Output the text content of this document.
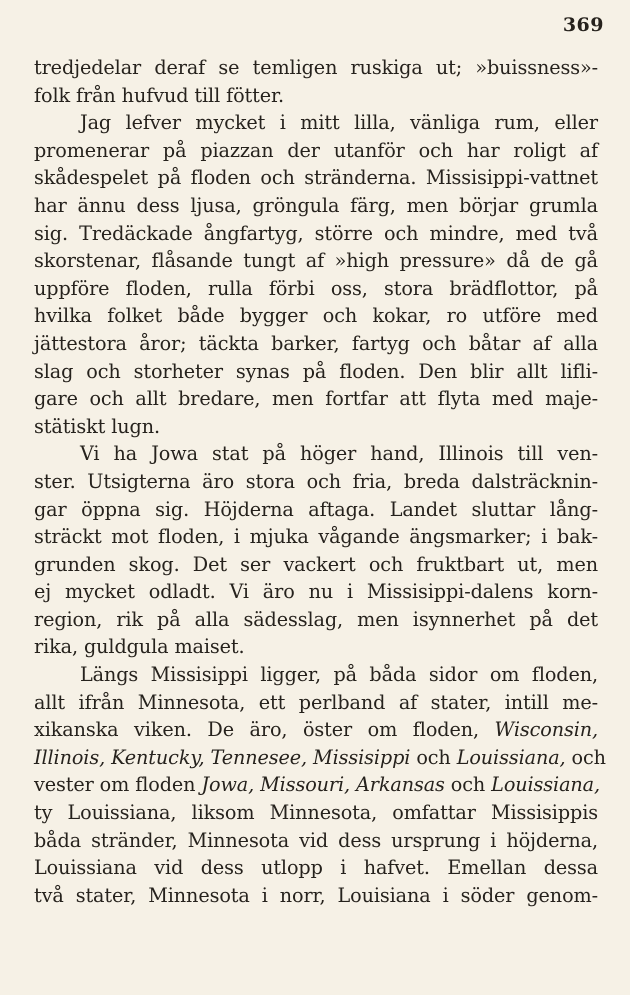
369
tredjedelar deraf se temligen ruskiga ut; »buissness»-
folk från hufvud till fötter.
Jag lefver mycket i mitt lilla, vänliga rum, eller
promenerar på piazzan der utanför och har roligt af
skådespelet på floden och stränderna. Missisippi-vattnet
har ännu dess ljusa, gröngula färg, men börjar grumla
sig. Tredäckade ångfartyg, större och mindre, med två
skorstenar, flåsande tungt af »high pressure» då de gå
uppföre floden, rulla förbi oss, stora brädflottor, på
hvilka folket både bygger och kokar, ro utföre med
jättestora åror; täckta barker, fartyg och båtar af alla
slag och storheter synas på floden. Den blir allt lifli-
gare och allt bredare, men fortfar att flyta med maje-
stätiskt lugn.
Vi ha Jowa stat på höger hand, Illinois till ven-
ster. Utsigterna äro stora och fria, breda dalsträcknin-
gar öppna sig. Höjderna aftaga. Landet sluttar lång-
sträckt mot floden, i mjuka vågande ängsmarker; i bak-
grunden skog. Det ser vackert och fruktbart ut, men
ej mycket odladt. Vi äro nu i Missisippi-dalens korn-
region, rik på alla sädesslag, men isynnerhet på det
rika, guldgula maiset.
Längs Missisippi ligger, på båda sidor om floden,
allt ifrån Minnesota, ett perlband af stater, intill me-
xikanska viken. De äro, öster om floden, Wisconsin,
Illinois, Kentucky, Tennesee, Missisippi och Louissiana, och
vester om floden Jowa, Missouri, Arkansas och Louissiana,
ty Louissiana, liksom Minnesota, omfattar Missisippis
båda stränder, Minnesota vid dess ursprung i höjderna,
Louissiana vid dess utlopp i hafvet. Emellan dessa
två stater, Minnesota i norr, Louisiana i söder genom-
